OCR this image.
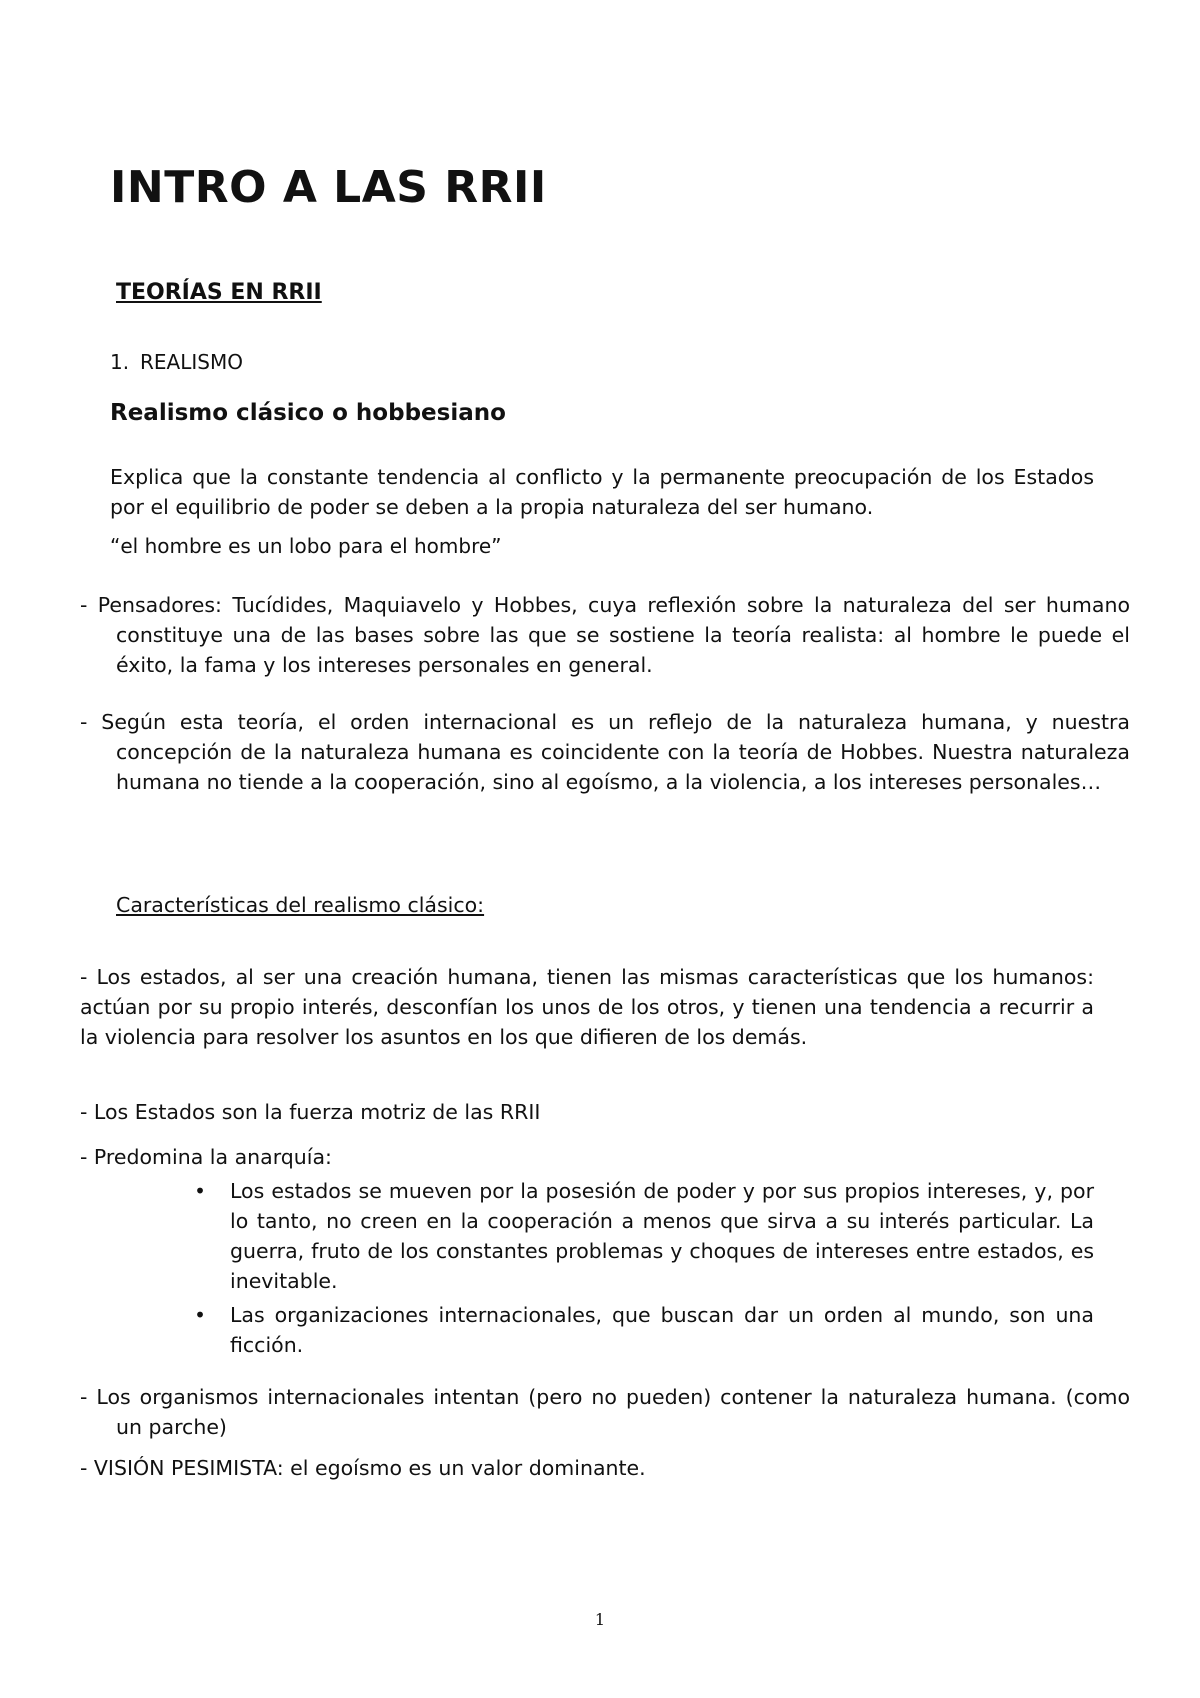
INTRO A LAS RRII
TEORÍAS EN RRII
1. REALISMO
Realismo clásico o hobbesiano
Explica que la constante tendencia al conflicto y la permanente preocupación de los Estados por el equilibrio de poder se deben a la propia naturaleza del ser humano.
“el hombre es un lobo para el hombre”
- Pensadores: Tucídides, Maquiavelo y Hobbes, cuya reflexión sobre la naturaleza del ser humano constituye una de las bases sobre las que se sostiene la teoría realista: al hombre le puede el éxito, la fama y los intereses personales en general.
- Según esta teoría, el orden internacional es un reflejo de la naturaleza humana, y nuestra concepción de la naturaleza humana es coincidente con la teoría de Hobbes. Nuestra naturaleza humana no tiende a la cooperación, sino al egoísmo, a la violencia, a los intereses personales…
Características del realismo clásico:
- Los estados, al ser una creación humana, tienen las mismas características que los humanos: actúan por su propio interés, desconfían los unos de los otros, y tienen una tendencia a recurrir a la violencia para resolver los asuntos en los que difieren de los demás.
- Los Estados son la fuerza motriz de las RRII
- Predomina la anarquía:
• Los estados se mueven por la posesión de poder y por sus propios intereses, y, por lo tanto, no creen en la cooperación a menos que sirva a su interés particular. La guerra, fruto de los constantes problemas y choques de intereses entre estados, es inevitable.
• Las organizaciones internacionales, que buscan dar un orden al mundo, son una ficción.
- Los organismos internacionales intentan (pero no pueden) contener la naturaleza humana. (como un parche)
- VISIÓN PESIMISTA: el egoísmo es un valor dominante.
1
